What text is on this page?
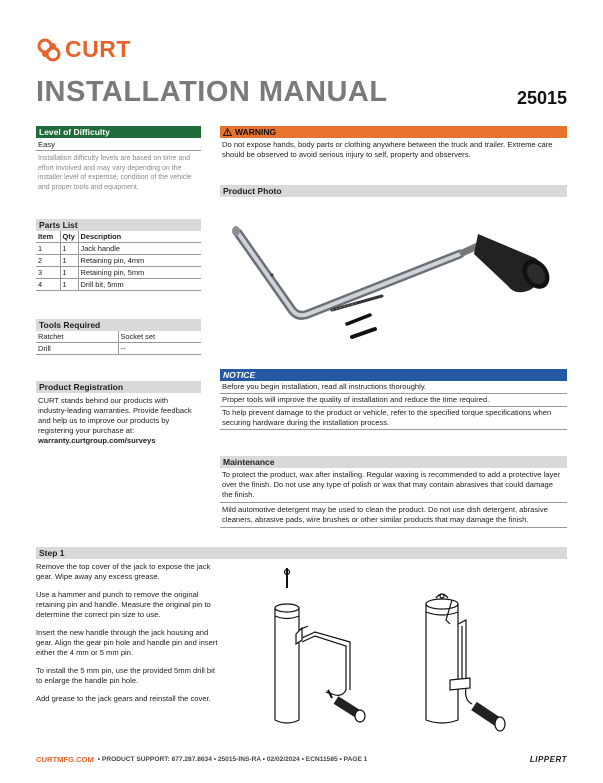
CURT
INSTALLATION MANUAL	25015
Level of Difficulty
Easy
Installation difficulty levels are based on time and effort involved and may vary depending on the installer level of expertise, condition of the vehicle and proper tools and equipment.
Parts List
Item	Qty	Description
1	1	Jack handle
2	1	Retaining pin, 4mm
3	1	Retaining pin, 5mm
4	1	Drill bit, 5mm
Tools Required
Ratchet	Socket set
Drill	--
Product Registration
CURT stands behind our products with industry-leading warranties. Provide feedback and help us to improve our products by registering your purchase at: warranty.curtgroup.com/surveys
WARNING
Do not expose hands, body parts or clothing anywhere between the truck and trailer. Extreme care should be observed to avoid serious injury to self, property and observers.
Product Photo
NOTICE
Before you begin installation, read all instructions thoroughly.
Proper tools will improve the quality of installation and reduce the time required.
To help prevent damage to the product or vehicle, refer to the specified torque specifications when securing hardware during the installation process.
Maintenance
To protect the product, wax after installing. Regular waxing is recommended to add a protective layer over the finish. Do not use any type of polish or wax that may contain abrasives that could damage the finish.
Mild automotive detergent may be used to clean the product. Do not use dish detergent, abrasive cleaners, abrasive pads, wire brushes or other similar products that may damage the finish.
Step 1

Remove the top cover of the jack to expose the jack gear. Wipe away any excess grease.

Use a hammer and punch to remove the original retaining pin and handle. Measure the original pin to determine the correct pin size to use.

Insert the new handle through the jack housing and gear. Align the gear pin hole and handle pin and insert either the 4 mm or 5 mm pin.

To install the 5 mm pin, use the provided 5mm drill bit to enlarge the handle pin hole.

Add grease to the jack gears and reinstall the cover.

CURTMFG.COM • PRODUCT SUPPORT: 877.287.8634 • 25015-INS-RA • 02/02/2024 • ECN11585 • PAGE 1	LIPPERT
